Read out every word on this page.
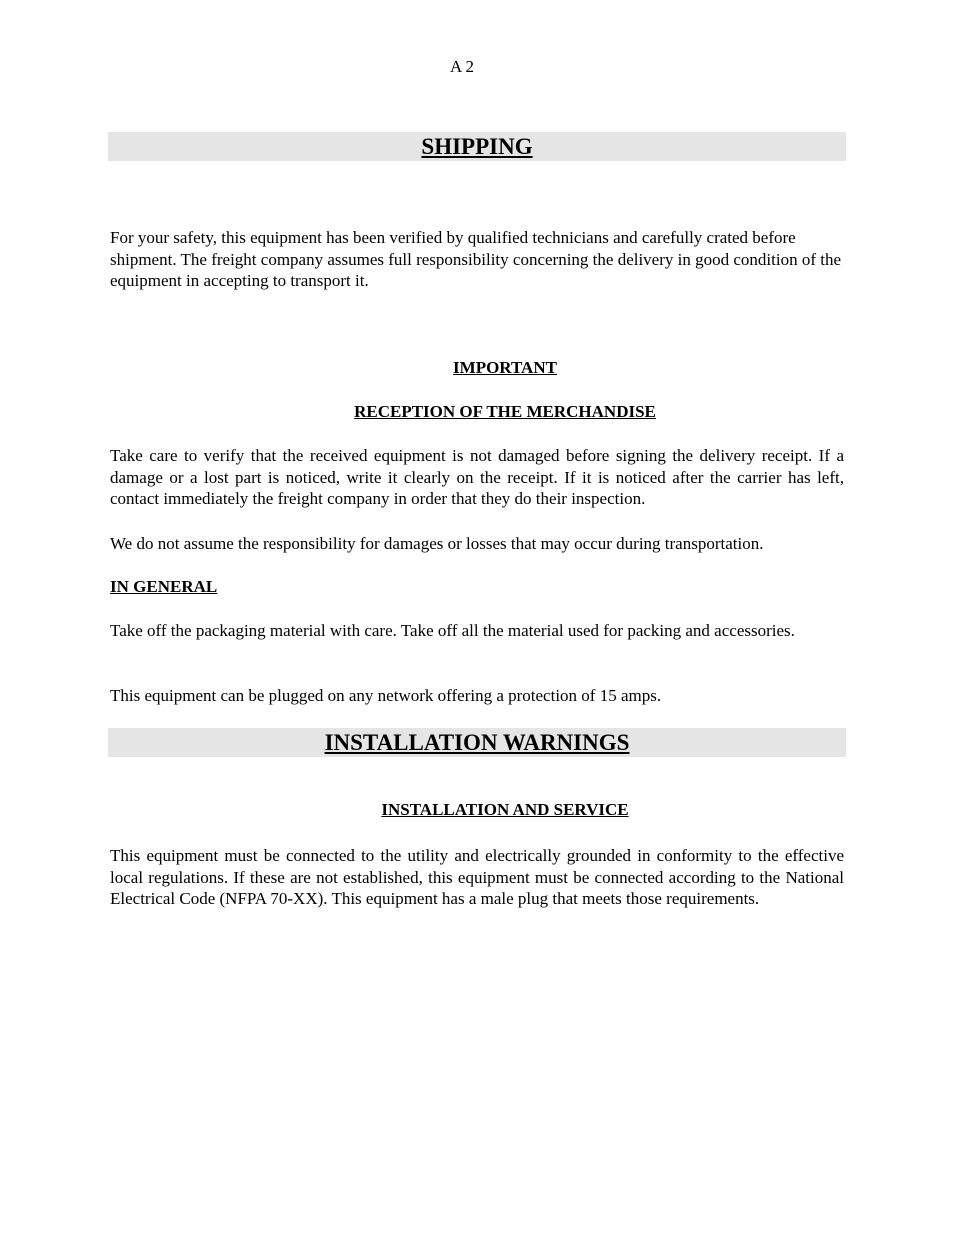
A 2
SHIPPING

For your safety, this equipment has been verified by qualified technicians and carefully crated before shipment. The freight company assumes full responsibility concerning the delivery in good condition of the equipment in accepting to transport it.

IMPORTANT

RECEPTION OF THE MERCHANDISE

Take care to verify that the received equipment is not damaged before signing the delivery receipt. If a damage or a lost part is noticed, write it clearly on the receipt. If it is noticed after the carrier has left, contact immediately the freight company in order that they do their inspection.

We do not assume the responsibility for damages or losses that may occur during transportation.

IN GENERAL

Take off the packaging material with care. Take off all the material used for packing and accessories.

This equipment can be plugged on any network offering a protection of 15 amps.

INSTALLATION WARNINGS

INSTALLATION AND SERVICE

This equipment must be connected to the utility and electrically grounded in conformity to the effective local regulations. If these are not established, this equipment must be connected according to the National Electrical Code (NFPA 70-XX). This equipment has a male plug that meets those requirements.
